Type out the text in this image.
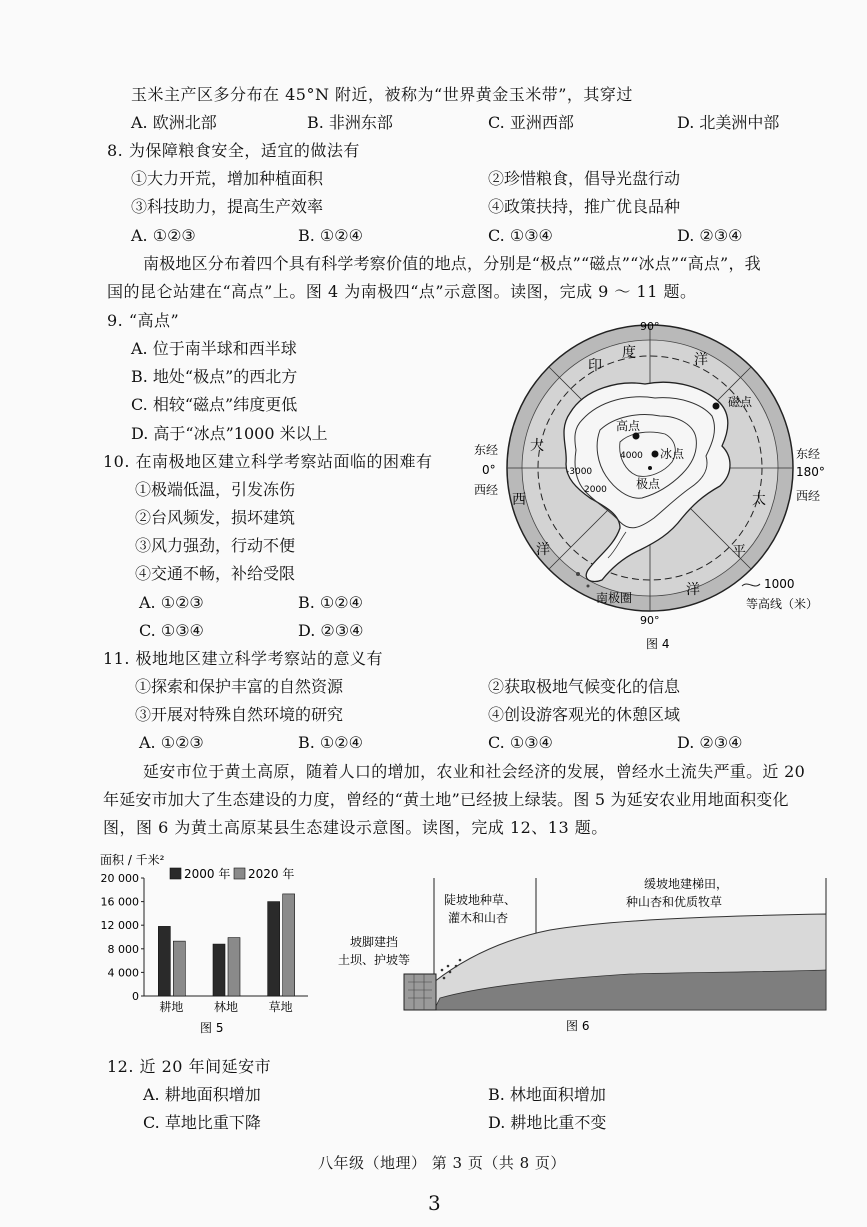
玉米主产区多分布在 45°N 附近，被称为“世界黄金玉米带”，其穿过
A. 欧洲北部	B. 非洲东部	C. 亚洲西部	D. 北美洲中部
8. 为保障粮食安全，适宜的做法有
①大力开荒，增加种植面积	②珍惜粮食，倡导光盘行动
③科技助力，提高生产效率	④政策扶持，推广优良品种
A. ①②③	B. ①②④	C. ①③④	D. ②③④
南极地区分布着四个具有科学考察价值的地点，分别是“极点”“磁点”“冰点”“高点”，我
国的昆仑站建在“高点”上。图 4 为南极四“点”示意图。读图，完成 9 ～ 11 题。
9. “高点”
A. 位于南半球和西半球
B. 地处“极点”的西北方
C. 相较“磁点”纬度更低
D. 高于“冰点”1000 米以上
10. 在南极地区建立科学考察站面临的困难有
①极端低温，引发冻伤
②台风频发，损坏建筑
③风力强劲，行动不便
④交通不畅，补给受限
A. ①②③	B. ①②④
C. ①③④	D. ②③④
90°
90°
东经
0°
西经
东经
180°
西经
印
度	洋
大
西
洋
太
平
洋
磁点
高点
冰点
极点
4000
-3000
2000
南极圈
1000
等高线（米）
图 4
11. 极地地区建立科学考察站的意义有
①探索和保护丰富的自然资源	②获取极地气候变化的信息
③开展对特殊自然环境的研究	④创设游客观光的休憩区域
A. ①②③	B. ①②④	C. ①③④	D. ②③④
延安市位于黄土高原，随着人口的增加，农业和社会经济的发展，曾经水土流失严重。近 20
年延安市加大了生态建设的力度，曾经的“黄土地”已经披上绿装。图 5 为延安农业用地面积变化
图，图 6 为黄土高原某县生态建设示意图。读图，完成 12、13 题。
面积 / 千米²
0
4 000
8 000
12 000
16 000
20 000
耕地	林地	草地
2000 年 2020 年
图 5
陡坡地种草、
灌木和山杏
缓坡地建梯田，
种山杏和优质牧草
坡脚建挡
土坝、护坡等
图 6
12. 近 20 年间延安市
A. 耕地面积增加	B. 林地面积增加
C. 草地比重下降	D. 耕地比重不变
八年级（地理） 第 3 页（共 8 页）
3
